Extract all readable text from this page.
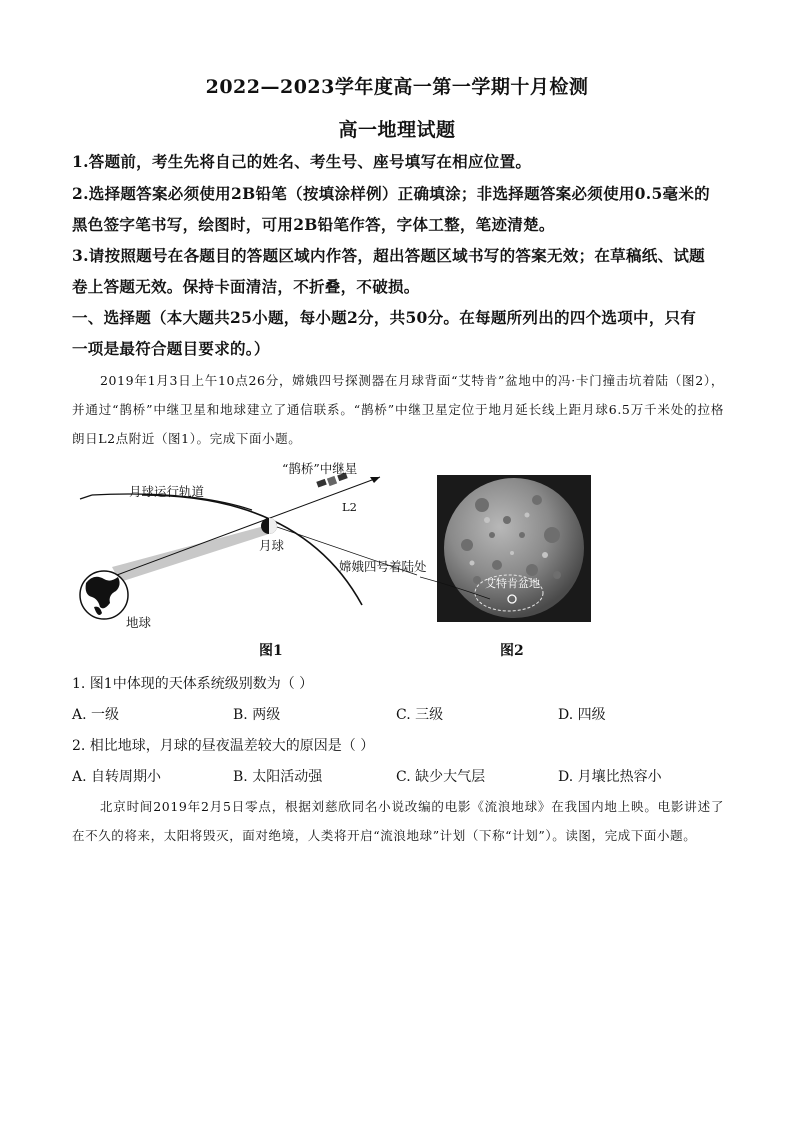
2022—2023学年度高一第一学期十月检测
高一地理试题
1.答题前，考生先将自己的姓名、考生号、座号填写在相应位置。
2.选择题答案必须使用2B铅笔（按填涂样例）正确填涂；非选择题答案必须使用0.5毫米的
黑色签字笔书写，绘图时，可用2B铅笔作答，字体工整，笔迹清楚。
3.请按照题号在各题目的答题区域内作答，超出答题区域书写的答案无效；在草稿纸、试题
卷上答题无效。保持卡面清洁，不折叠，不破损。
一、选择题（本大题共25小题，每小题2分，共50分。在每题所列出的四个选项中，只有
一项是最符合题目要求的。）
2019年1月3日上午10点26分，嫦娥四号探测器在月球背面“艾特肯”盆地中的冯·卡门撞击坑着陆（图2），并通过“鹊桥”中继卫星和地球建立了通信联系。“鹊桥”中继卫星定位于地月延长线上距月球6.5万千米处的拉格朗日L2点附近（图1）。完成下面小题。
月球运行轨道
“鹊桥”中继星
L2
月球
嫦娥四号着陆处
地球
艾特肯盆地
图1	图2
1. 图1中体现的天体系统级别数为（ ）
A. 一级	B. 两级	C. 三级	D. 四级
2. 相比地球，月球的昼夜温差较大的原因是（ ）
A. 自转周期小	B. 太阳活动强	C. 缺少大气层	D. 月壤比热容小
北京时间2019年2月5日零点，根据刘慈欣同名小说改编的电影《流浪地球》在我国内地上映。电影讲述了在不久的将来，太阳将毁灭，面对绝境，人类将开启“流浪地球”计划（下称“计划”）。读图，完成下面小题。
